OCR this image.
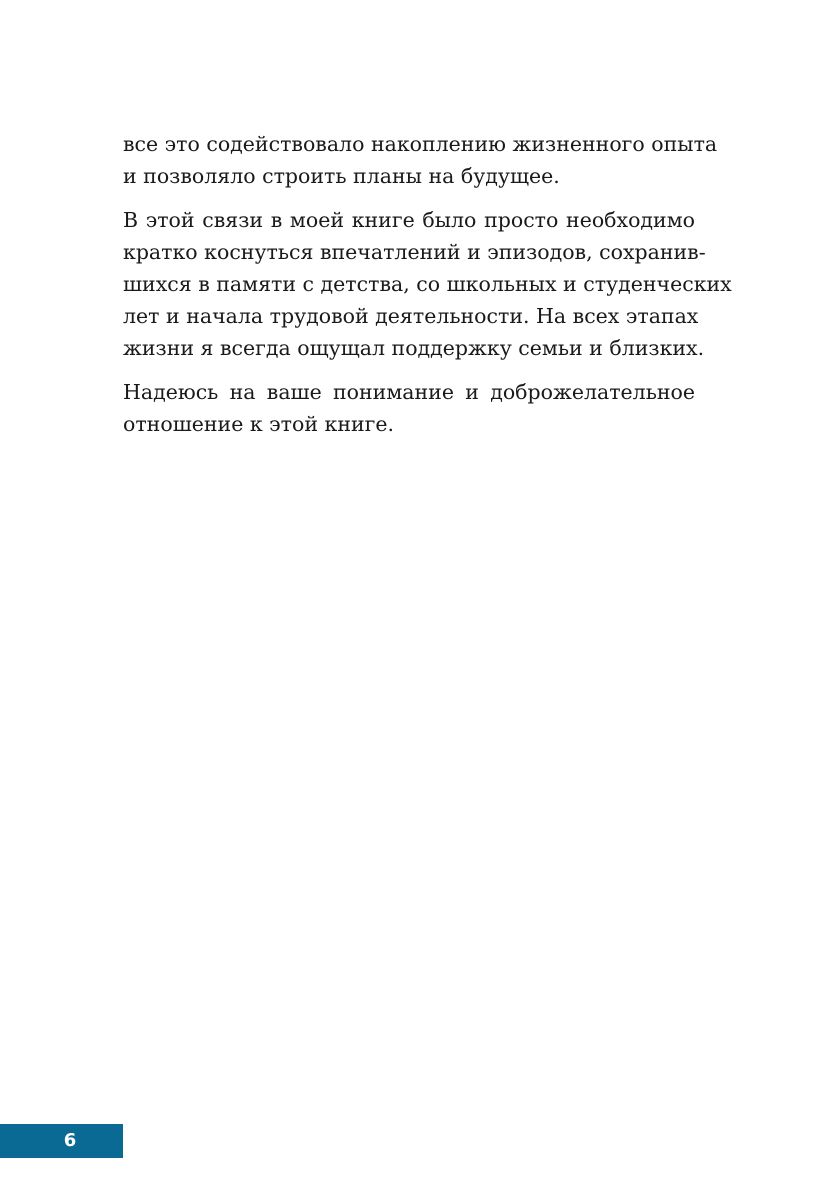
все это содействовало накоплению жизненного опыта
и позволяло строить планы на будущее.

В этой связи в моей книге было просто необходимо
кратко коснуться впечатлений и эпизодов, сохранив-
шихся в памяти с детства, со школьных и студенческих
лет и начала трудовой деятельности. На всех этапах
жизни я всегда ощущал поддержку семьи и близких.

Надеюсь на ваше понимание и доброжелательное
отношение к этой книге.

6
